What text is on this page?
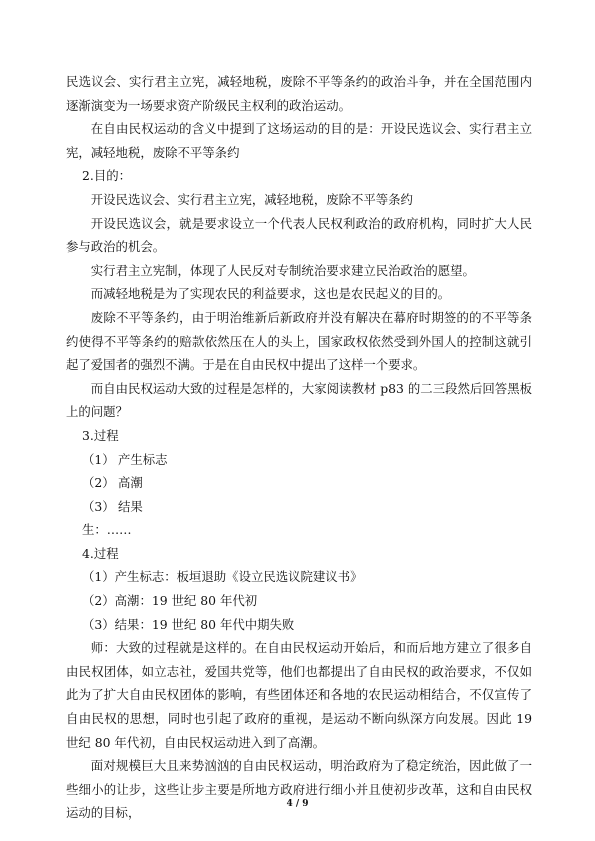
民选议会、实行君主立宪，减轻地税，废除不平等条约的政治斗争，并在全国范围内逐渐演变为一场要求资产阶级民主权利的政治运动。

在自由民权运动的含义中提到了这场运动的目的是：开设民选议会、实行君主立宪，减轻地税，废除不平等条约

2.目的：

开设民选议会、实行君主立宪，减轻地税，废除不平等条约

开设民选议会，就是要求设立一个代表人民权利政治的政府机构，同时扩大人民参与政治的机会。

实行君主立宪制，体现了人民反对专制统治要求建立民治政治的愿望。

而减轻地税是为了实现农民的利益要求，这也是农民起义的目的。

废除不平等条约，由于明治维新后新政府并没有解决在幕府时期签的的不平等条约使得不平等条约的赔款依然压在人的头上，国家政权依然受到外国人的控制这就引起了爱国者的强烈不满。于是在自由民权中提出了这样一个要求。

而自由民权运动大致的过程是怎样的，大家阅读教材 p83 的二三段然后回答黑板上的问题？

3.过程

（1） 产生标志

（2） 高潮

（3） 结果

生：……

4.过程

（1）产生标志：板垣退助《设立民选议院建议书》

（2）高潮：19 世纪 80 年代初

（3）结果：19 世纪 80 年代中期失败

师：大致的过程就是这样的。在自由民权运动开始后，和而后地方建立了很多自由民权团体，如立志社，爱国共党等，他们也都提出了自由民权的政治要求，不仅如此为了扩大自由民权团体的影响，有些团体还和各地的农民运动相结合，不仅宣传了自由民权的思想，同时也引起了政府的重视，是运动不断向纵深方向发展。因此 19 世纪 80 年代初，自由民权运动进入到了高潮。

面对规模巨大且来势汹汹的自由民权运动，明治政府为了稳定统治，因此做了一些细小的让步，这些让步主要是所地方政府进行细小并且使初步改革，这和自由民权运动的目标，

4 / 9
